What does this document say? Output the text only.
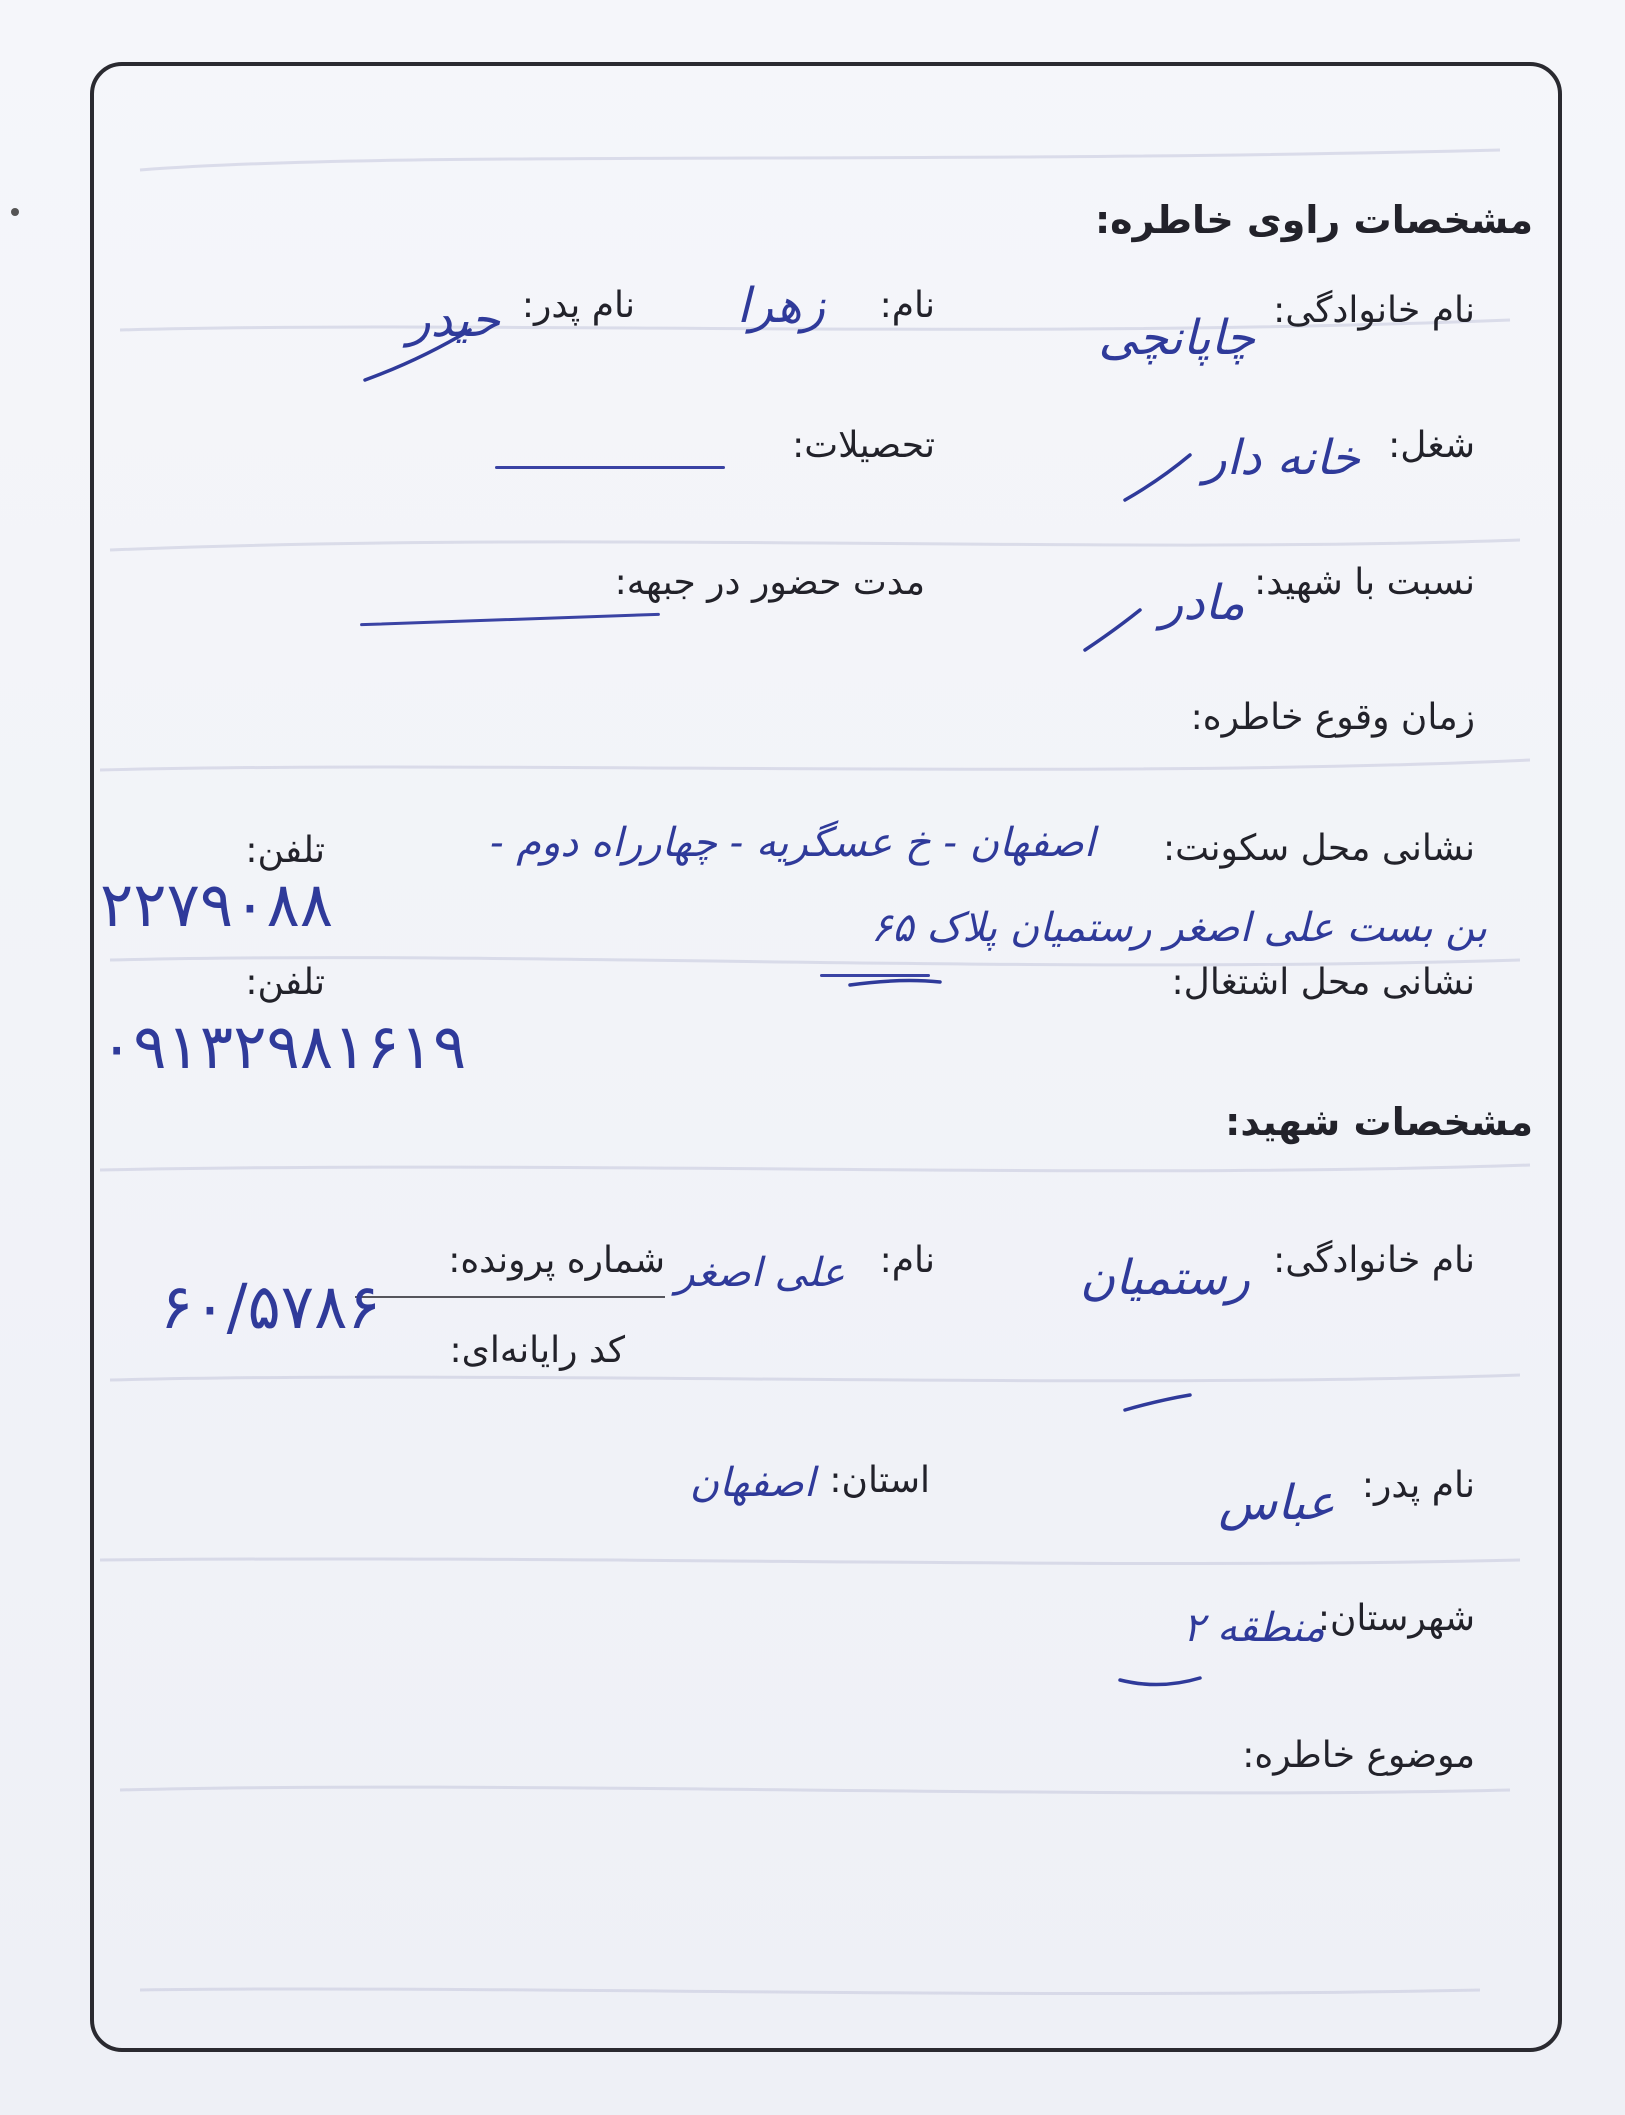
مشخصات راوی خاطره:
نام خانوادگی:
چاپانچی
نام:
زهرا
نام پدر:
حیدر
شغل:
خانه دار
تحصیلات:
نسبت با شهید:
مادر
مدت حضور در جبهه:
زمان وقوع خاطره:
نشانی محل سکونت:
اصفهان - خ عسگریه - چهارراه دوم -
بن بست علی اصغر رستمیان پلاک ۶۵
تلفن:
۲۲۷۹۰۸۸
نشانی محل اشتغال:
تلفن:
۰۹۱۳۲۹۸۱۶۱۹
مشخصات شهید:
نام خانوادگی:
رستمیان
نام:
علی اصغر
شماره پرونده:
۶۰/۵۷۸۶
کد رایانه‌ای:
نام پدر:
عباس
استان:
اصفهان
شهرستان:
منطقه ۲
موضوع خاطره:
